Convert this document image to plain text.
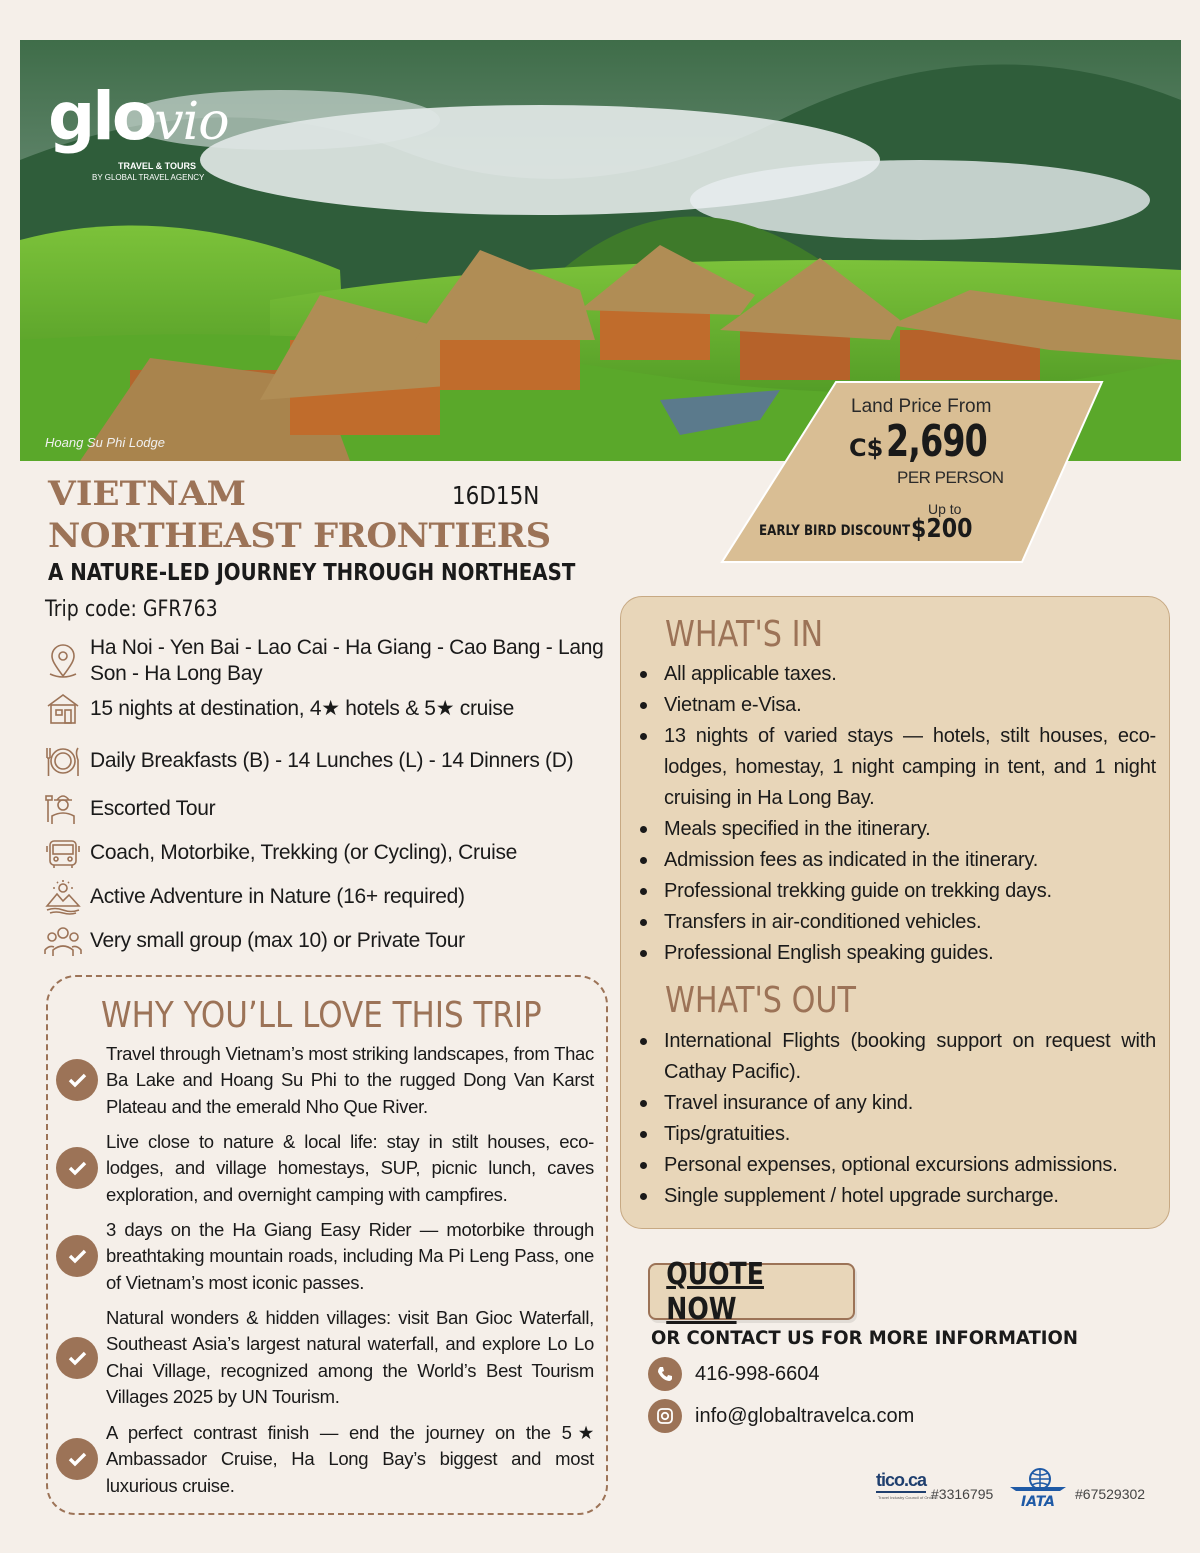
glovio
TRAVEL & TOURS
BY GLOBAL TRAVEL AGENCY
Hoang Su Phi Lodge
Land Price From
C$ 2,690
PER PERSON
Up to
EARLY BIRD DISCOUNT $200
VIETNAM	16D15N
NORTHEAST FRONTIERS
A NATURE-LED JOURNEY THROUGH NORTHEAST
Trip code: GFR763
Ha Noi - Yen Bai - Lao Cai - Ha Giang - Cao Bang - Lang Son - Ha Long Bay
15 nights at destination, 4★ hotels & 5★ cruise
Daily Breakfasts (B) - 14 Lunches (L) - 14 Dinners (D)
Escorted Tour
Coach, Motorbike, Trekking (or Cycling), Cruise
Active Adventure in Nature (16+ required)
Very small group (max 10) or Private Tour
WHY YOU’LL LOVE THIS TRIP
Travel through Vietnam’s most striking landscapes, from Thac Ba Lake and Hoang Su Phi to the rugged Dong Van Karst Plateau and the emerald Nho Que River.
Live close to nature & local life: stay in stilt houses, eco-lodges, and village homestays, SUP, picnic lunch, caves exploration, and overnight camping with campfires.
3 days on the Ha Giang Easy Rider — motorbike through breathtaking mountain roads, including Ma Pi Leng Pass, one of Vietnam’s most iconic passes.
Natural wonders & hidden villages: visit Ban Gioc Waterfall, Southeast Asia’s largest natural waterfall, and explore Lo Lo Chai Village, recognized among the World’s Best Tourism Villages 2025 by UN Tourism.
A perfect contrast finish — end the journey on the 5★ Ambassador Cruise, Ha Long Bay’s biggest and most luxurious cruise.
WHAT'S IN
All applicable taxes.
Vietnam e-Visa.
13 nights of varied stays — hotels, stilt houses, eco-lodges, homestay, 1 night camping in tent, and 1 night cruising in Ha Long Bay.
Meals specified in the itinerary.
Admission fees as indicated in the itinerary.
Professional trekking guide on trekking days.
Transfers in air-conditioned vehicles.
Professional English speaking guides.
WHAT'S OUT
International Flights (booking support on request with Cathay Pacific).
Travel insurance of any kind.
Tips/gratuities.
Personal expenses, optional excursions admissions.
Single supplement / hotel upgrade surcharge.
QUOTE NOW
OR CONTACT US FOR MORE INFORMATION
416-998-6604
info@globaltravelca.com
tico.ca
Travel Industry Council of Ontario
#3316795 IATA #67529302
